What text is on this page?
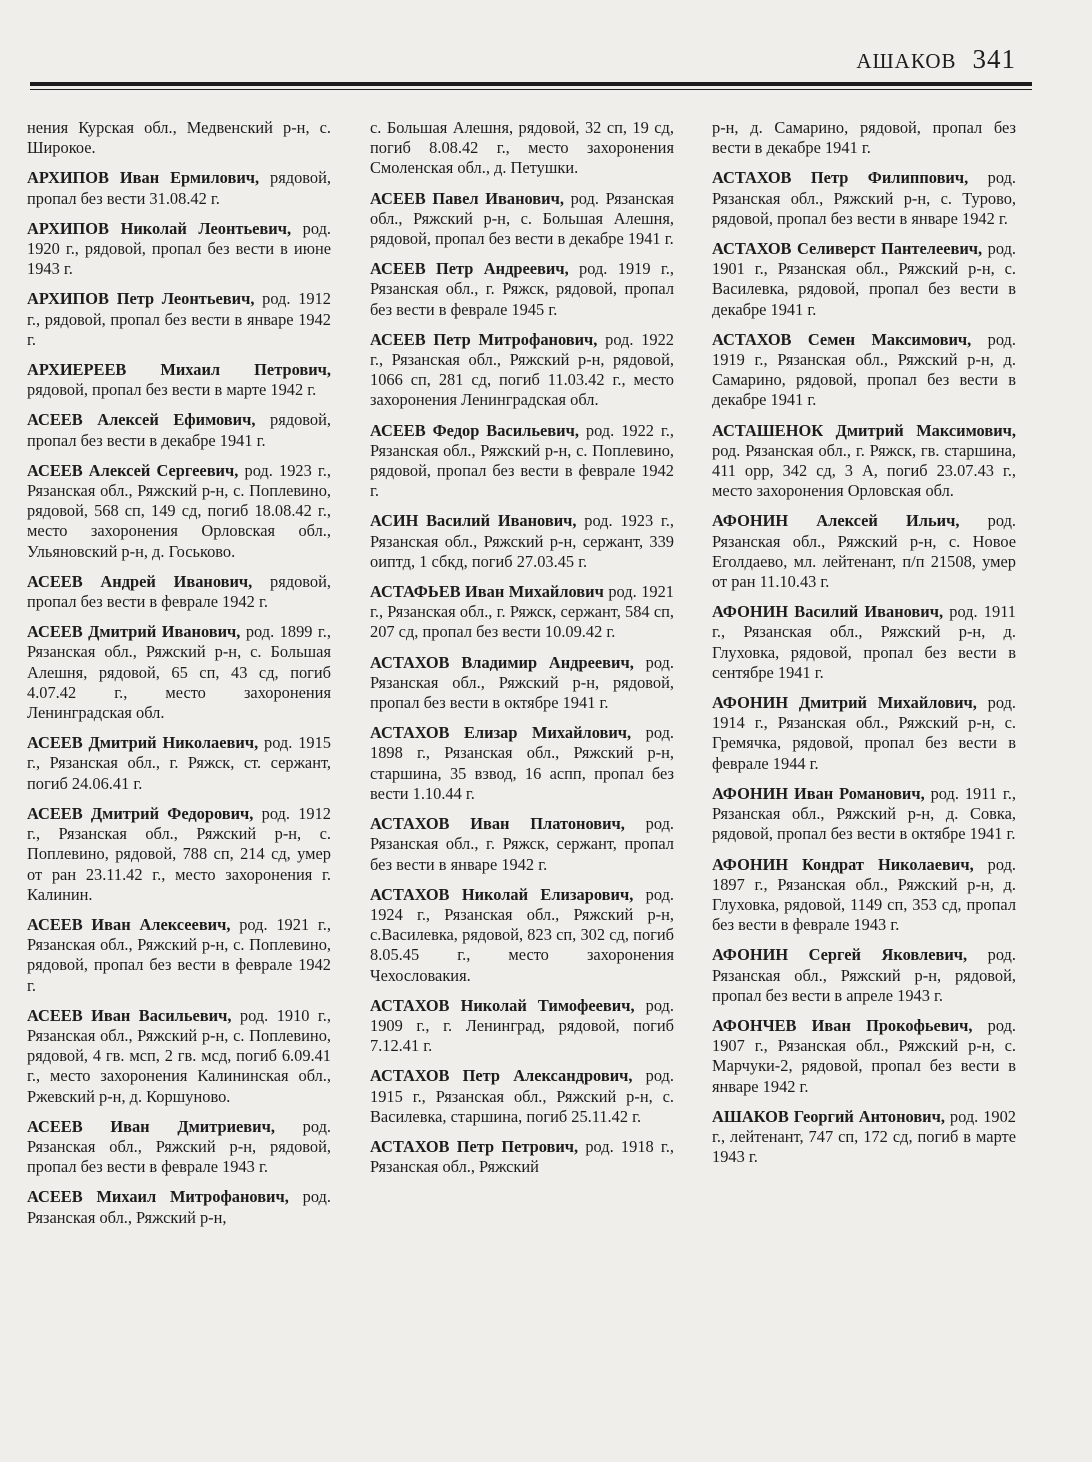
АШАКОВ 341

нения Курская обл., Медвенский р-н, с. Широкое.

АРХИПОВ Иван Ермилович, рядовой, пропал без вести 31.08.42 г.

АРХИПОВ Николай Леонтьевич, род. 1920 г., рядовой, пропал без вести в июне 1943 г.

АРХИПОВ Петр Леонтьевич, род. 1912 г., рядовой, пропал без вести в январе 1942 г.

АРХИЕРЕЕВ Михаил Петрович, рядовой, пропал без вести в марте 1942 г.

АСЕЕВ Алексей Ефимович, рядовой, пропал без вести в декабре 1941 г.

АСЕЕВ Алексей Сергеевич, род. 1923 г., Рязанская обл., Ряжский р-н, с. Поплевино, рядовой, 568 сп, 149 сд, погиб 18.08.42 г., место захоронения Орловская обл., Ульяновский р-н, д. Госьково.

АСЕЕВ Андрей Иванович, рядовой, пропал без вести в феврале 1942 г.

АСЕЕВ Дмитрий Иванович, род. 1899 г., Рязанская обл., Ряжский р-н, с. Большая Алешня, рядовой, 65 сп, 43 сд, погиб 4.07.42 г., место захоронения Ленинградская обл.

АСЕЕВ Дмитрий Николаевич, род. 1915 г., Рязанская обл., г. Ряжск, ст. сержант, погиб 24.06.41 г.

АСЕЕВ Дмитрий Федорович, род. 1912 г., Рязанская обл., Ряжский р-н, с. Поплевино, рядовой, 788 сп, 214 сд, умер от ран 23.11.42 г., место захоронения г. Калинин.

АСЕЕВ Иван Алексеевич, род. 1921 г., Рязанская обл., Ряжский р-н, с. Поплевино, рядовой, пропал без вести в феврале 1942 г.

АСЕЕВ Иван Васильевич, род. 1910 г., Рязанская обл., Ряжский р-н, с. Поплевино, рядовой, 4 гв. мсп, 2 гв. мсд, погиб 6.09.41 г., место захоронения Калининская обл., Ржевский р-н, д. Коршуново.

АСЕЕВ Иван Дмитриевич, род. Рязанская обл., Ряжский р-н, рядовой, пропал без вести в феврале 1943 г.

АСЕЕВ Михаил Митрофанович, род. Рязанская обл., Ряжский р-н,

с. Большая Алешня, рядовой, 32 сп, 19 сд, погиб 8.08.42 г., место захоронения Смоленская обл., д. Петушки.

АСЕЕВ Павел Иванович, род. Рязанская обл., Ряжский р-н, с. Большая Алешня, рядовой, пропал без вести в декабре 1941 г.

АСЕЕВ Петр Андреевич, род. 1919 г., Рязанская обл., г. Ряжск, рядовой, пропал без вести в феврале 1945 г.

АСЕЕВ Петр Митрофанович, род. 1922 г., Рязанская обл., Ряжский р-н, рядовой, 1066 сп, 281 сд, погиб 11.03.42 г., место захоронения Ленинградская обл.

АСЕЕВ Федор Васильевич, род. 1922 г., Рязанская обл., Ряжский р-н, с. Поплевино, рядовой, пропал без вести в феврале 1942 г.

АСИН Василий Иванович, род. 1923 г., Рязанская обл., Ряжский р-н, сержант, 339 оиптд, 1 сбкд, погиб 27.03.45 г.

АСТАФЬЕВ Иван Михайлович род. 1921 г., Рязанская обл., г. Ряжск, сержант, 584 сп, 207 сд, пропал без вести 10.09.42 г.

АСТАХОВ Владимир Андреевич, род. Рязанская обл., Ряжский р-н, рядовой, пропал без вести в октябре 1941 г.

АСТАХОВ Елизар Михайлович, род. 1898 г., Рязанская обл., Ряжский р-н, старшина, 35 взвод, 16 аспп, пропал без вести 1.10.44 г.

АСТАХОВ Иван Платонович, род. Рязанская обл., г. Ряжск, сержант, пропал без вести в январе 1942 г.

АСТАХОВ Николай Елизарович, род. 1924 г., Рязанская обл., Ряжский р-н, с.Василевка, рядовой, 823 сп, 302 сд, погиб 8.05.45 г., место захоронения Чехословакия.

АСТАХОВ Николай Тимофеевич, род. 1909 г., г. Ленинград, рядовой, погиб 7.12.41 г.

АСТАХОВ Петр Александрович, род. 1915 г., Рязанская обл., Ряжский р-н, с. Василевка, старшина, погиб 25.11.42 г.

АСТАХОВ Петр Петрович, род. 1918 г., Рязанская обл., Ряжский

р-н, д. Самарино, рядовой, пропал без вести в декабре 1941 г.

АСТАХОВ Петр Филиппович, род. Рязанская обл., Ряжский р-н, с. Турово, рядовой, пропал без вести в январе 1942 г.

АСТАХОВ Селиверст Пантелеевич, род. 1901 г., Рязанская обл., Ряжский р-н, с. Василевка, рядовой, пропал без вести в декабре 1941 г.

АСТАХОВ Семен Максимович, род. 1919 г., Рязанская обл., Ряжский р-н, д. Самарино, рядовой, пропал без вести в декабре 1941 г.

АСТАШЕНОК Дмитрий Максимович, род. Рязанская обл., г. Ряжск, гв. старшина, 411 орр, 342 сд, 3 А, погиб 23.07.43 г., место захоронения Орловская обл.

АФОНИН Алексей Ильич, род. Рязанская обл., Ряжский р-н, с. Новое Еголдаево, мл. лейтенант, п/п 21508, умер от ран 11.10.43 г.

АФОНИН Василий Иванович, род. 1911 г., Рязанская обл., Ряжский р-н, д. Глуховка, рядовой, пропал без вести в сентябре 1941 г.

АФОНИН Дмитрий Михайлович, род. 1914 г., Рязанская обл., Ряжский р-н, с. Гремячка, рядовой, пропал без вести в феврале 1944 г.

АФОНИН Иван Романович, род. 1911 г., Рязанская обл., Ряжский р-н, д. Совка, рядовой, пропал без вести в октябре 1941 г.

АФОНИН Кондрат Николаевич, род. 1897 г., Рязанская обл., Ряжский р-н, д. Глуховка, рядовой, 1149 сп, 353 сд, пропал без вести в феврале 1943 г.

АФОНИН Сергей Яковлевич, род. Рязанская обл., Ряжский р-н, рядовой, пропал без вести в апреле 1943 г.

АФОНЧЕВ Иван Прокофьевич, род. 1907 г., Рязанская обл., Ряжский р-н, с. Марчуки-2, рядовой, пропал без вести в январе 1942 г.

АШАКОВ Георгий Антонович, род. 1902 г., лейтенант, 747 сп, 172 сд, погиб в марте 1943 г.
